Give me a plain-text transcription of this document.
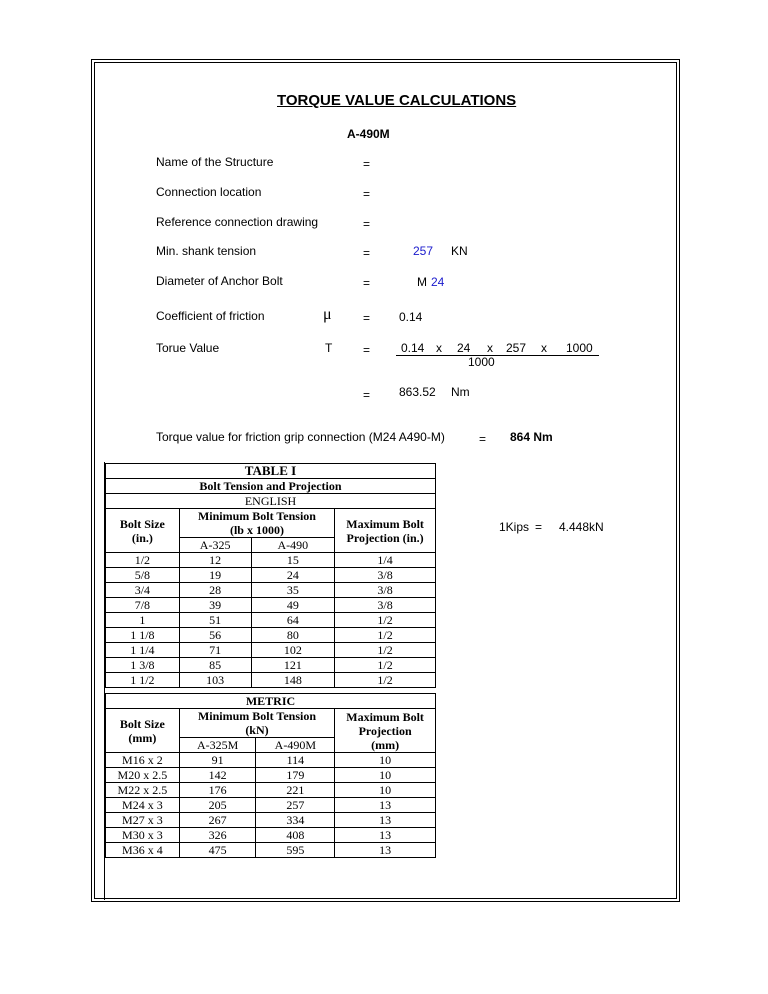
TORQUE VALUE CALCULATIONS
A-490M
Name of the Structure	=
Connection location	=
Reference connection drawing	=
Min. shank tension	=	257 KN
Diameter of Anchor Bolt	=	M 24
Coefficient of friction	μ	= 0.14
Torue Value	T	=	0.14 x 24 x 257 x 1000
1000
= 863.52 Nm
Torque value for friction grip connection (M24 A490-M)	= 864 Nm
1Kips = 4.448kN
TABLE I			
Bolt Tension and Projection			
ENGLISH			
Bolt Size
(in.)	Minimum Bolt Tension
(lb x 1000)		Maximum Bolt
Projection (in.)
	A-325	A-490	
1/2	12	15	1/4
5/8	19	24	3/8
3/4	28	35	3/8
7/8	39	49	3/8
1	51	64	1/2
1 1/8	56	80	1/2
1 1/4	71	102	1/2
1 3/8	85	121	1/2
1 1/2	103	148	1/2
METRIC			
Bolt Size
(mm)	Minimum Bolt Tension
(kN)		Maximum Bolt
Projection
(mm)
	A-325M	A-490M	
M16 x 2	91	114	10
M20 x 2.5	142	179	10
M22 x 2.5	176	221	10
M24 x 3	205	257	13
M27 x 3	267	334	13
M30 x 3	326	408	13
M36 x 4	475	595	13
